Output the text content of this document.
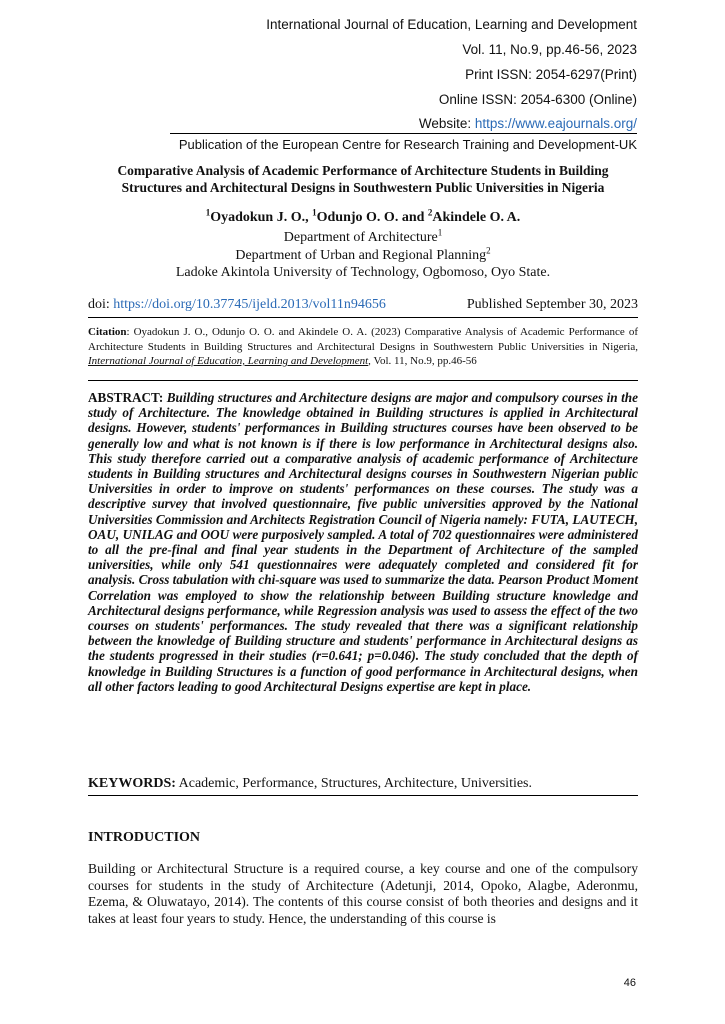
International Journal of Education, Learning and Development
Vol. 11, No.9, pp.46-56, 2023
Print ISSN: 2054-6297(Print)
Online ISSN: 2054-6300 (Online)
Website: https://www.eajournals.org/
Publication of the European Centre for Research Training and Development-UK
Comparative Analysis of Academic Performance of Architecture Students in Building Structures and Architectural Designs in Southwestern Public Universities in Nigeria
$^1$Oyadokun J. O., $^1$Odunjo O. O. and $^2$Akindele O. A.
Department of Architecture$^1$
Department of Urban and Regional Planning$^2$
Ladoke Akintola University of Technology, Ogbomoso, Oyo State.
doi: https://doi.org/10.37745/ijeld.2013/vol11n94656	Published September 30, 2023
Citation: Oyadokun J. O., Odunjo O. O. and Akindele O. A. (2023) Comparative Analysis of Academic Performance of Architecture Students in Building Structures and Architectural Designs in Southwestern Public Universities in Nigeria, International Journal of Education, Learning and Development, Vol. 11, No.9, pp.46-56
ABSTRACT: Building structures and Architecture designs are major and compulsory courses in the study of Architecture. The knowledge obtained in Building structures is applied in Architectural designs. However, students' performances in Building structures courses have been observed to be generally low and what is not known is if there is low performance in Architectural designs also. This study therefore carried out a comparative analysis of academic performance of Architecture students in Building structures and Architectural designs courses in Southwestern Nigerian public Universities in order to improve on students' performances on these courses. The study was a descriptive survey that involved questionnaire, five public universities approved by the National Universities Commission and Architects Registration Council of Nigeria namely: FUTA, LAUTECH, OAU, UNILAG and OOU were purposively sampled. A total of 702 questionnaires were administered to all the pre-final and final year students in the Department of Architecture of the sampled universities, while only 541 questionnaires were adequately completed and considered fit for analysis. Cross tabulation with chi-square was used to summarize the data. Pearson Product Moment Correlation was employed to show the relationship between Building structure knowledge and Architectural designs performance, while Regression analysis was used to assess the effect of the two courses on students' performances. The study revealed that there was a significant relationship between the knowledge of Building structure and students' performance in Architectural designs as the students progressed in their studies (r=0.641; p=0.046). The study concluded that the depth of knowledge in Building Structures is a function of good performance in Architectural designs, when all other factors leading to good Architectural Designs expertise are kept in place.
KEYWORDS: Academic, Performance, Structures, Architecture, Universities.
INTRODUCTION
Building or Architectural Structure is a required course, a key course and one of the compulsory courses for students in the study of Architecture (Adetunji, 2014, Opoko, Alagbe, Aderonmu, Ezema, & Oluwatayo, 2014). The contents of this course consist of both theories and designs and it takes at least four years to study. Hence, the understanding of this course is
46
